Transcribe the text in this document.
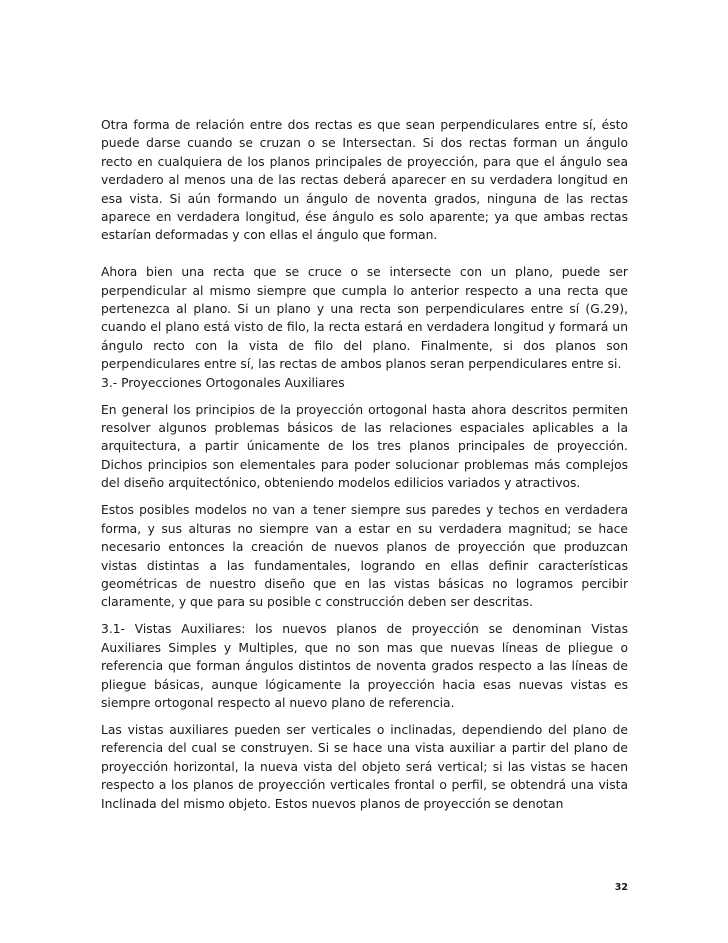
Otra forma de relación entre dos rectas es que sean perpendiculares entre sí, ésto puede darse cuando se cruzan o se Intersectan. Si dos rectas forman un ángulo recto en cualquiera de los planos principales de proyección, para que el ángulo sea verdadero al menos una de las rectas deberá aparecer en su verdadera longitud en esa vista. Si aún formando un ángulo de noventa grados, ninguna de las rectas aparece en verdadera longitud, ése ángulo es solo aparente; ya que ambas rectas estarían deformadas y con ellas el ángulo que forman.

Ahora bien una recta que se cruce o se intersecte con un plano, puede ser perpendicular al mismo siempre que cumpla lo anterior respecto a una recta que pertenezca al plano. Si un plano y una recta son perpendiculares entre sí (G.29), cuando el plano está visto de filo, la recta estará en verdadera longitud y formará un ángulo recto con la vista de filo del plano. Finalmente, si dos planos son perpendiculares entre sí, las rectas de ambos planos seran perpendiculares entre si.

3.- Proyecciones Ortogonales Auxiliares

En general los principios de la proyección ortogonal hasta ahora descritos permiten resolver algunos problemas básicos de las relaciones espaciales aplicables a la arquitectura, a partir únicamente de los tres planos principales de proyección. Dichos principios son elementales para poder solucionar problemas más complejos del diseño arquitectónico, obteniendo modelos edilicios variados y atractivos.

Estos posibles modelos no van a tener siempre sus paredes y techos en verdadera forma, y sus alturas no siempre van a estar en su verdadera magnitud; se hace necesario entonces la creación de nuevos planos de proyección que produzcan vistas distintas a las fundamentales, logrando en ellas definir características geométricas de nuestro diseño que en las vistas básicas no logramos percibir claramente, y que para su posible c construcción deben ser descritas.

3.1- Vistas Auxiliares: los nuevos planos de proyección se denominan Vistas Auxiliares Simples y Multiples, que no son mas que nuevas líneas de pliegue o referencia que forman ángulos distintos de noventa grados respecto a las líneas de pliegue básicas, aunque lógicamente la proyección hacia esas nuevas vistas es siempre ortogonal respecto al nuevo plano de referencia.

Las vistas auxiliares pueden ser verticales o inclinadas, dependiendo del plano de referencia del cual se construyen. Si se hace una vista auxiliar a partir del plano de proyección horizontal, la nueva vista del objeto será vertical; si las vistas se hacen respecto a los planos de proyección verticales frontal o perfil, se obtendrá una vista Inclinada del mismo objeto. Estos nuevos planos de proyección se denotan

32
